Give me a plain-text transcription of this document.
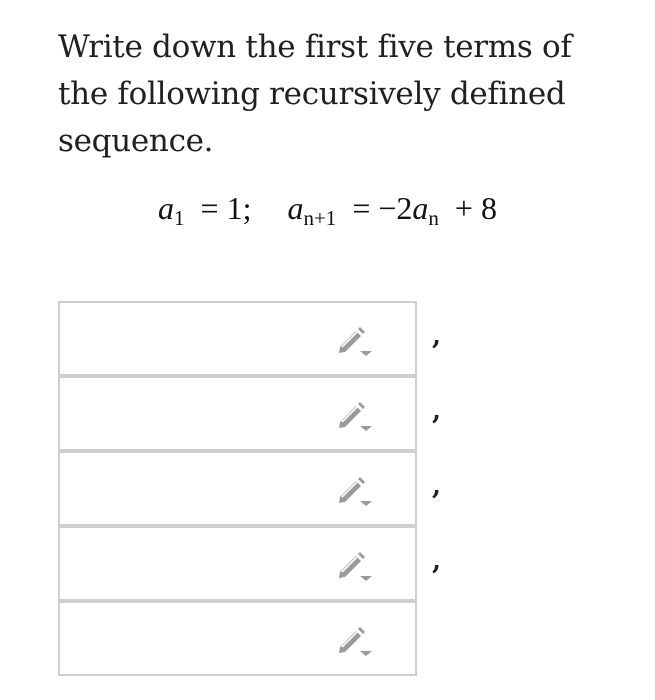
Write down the first five terms of the following recursively defined sequence.
$a_1 = 1$; $a_{n+1} = -2a_n + 8$
,
,
,
,
